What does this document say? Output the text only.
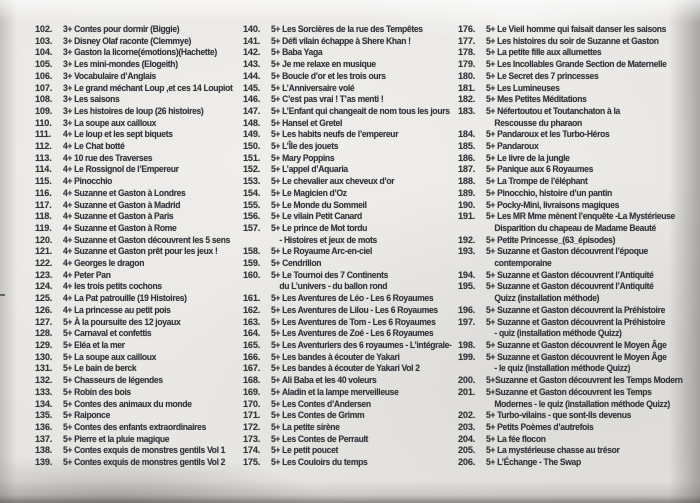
102.	3+ Contes pour dormir (Biggie)
103.	3+ Disney Olaf raconte (Clemmye)
104.	3+ Gaston la licorne(émotions)(Hachette)
105.	3+ Les mini-mondes (Elogeith)
106.	3+ Vocabulaire d’Anglais
107.	3+ Le grand méchant Loup ,et ces 14 Loupiot
108.	3+ Les saisons
109.	3+ Les histoires de loup (26 histoires)
110.	3+ La soupe aux cailloux
111.	4+ Le loup et les sept biquets
112.	4+ Le Chat botté
113.	4+ 10 rue des Traverses
114.	4+ Le Rossignol de l’Empereur
115.	4+ Pinocchio
116.	4+ Suzanne et Gaston à Londres
117.	4+ Suzanne et Gaston à Madrid
118.	4+ Suzanne et Gaston à Paris
119.	4+ Suzanne et Gaston à Rome
120.	4+ Suzanne et Gaston découvrent les 5 sens
121.	4+ Suzanne et Gaston prêt pour les jeux !
122.	4+ Georges le dragon
123.	4+ Peter Pan
124.	4+ les trois petits cochons
125.	4+ La Pat patrouille (19 Histoires)
126.	4+ La princesse au petit pois
127.	5+ À la poursuite des 12 joyaux
128.	5+ Carnaval et confettis
129.	5+ Eléa et la mer
130.	5+ La soupe aux cailloux
131.	5+ Le bain de berck
132.	5+ Chasseurs de légendes
133.	5+ Robin des bois
134.	5+ Contes des animaux du monde
135.	5+ Raiponce
136.	5+ Contes des enfants extraordinaires
137.	5+ Pierre et la pluie magique
138.	5+ Contes exquis de monstres gentils Vol 1
139.	5+ Contes exquis de monstres gentils Vol 2
140.	5+ Les Sorcières de la rue des Tempêtes
141.	5+ Défi vilain échappe à Shere Khan !
142.	5+ Baba Yaga
143.	5+ Je me relaxe en musique
144.	5+ Boucle d’or et les trois ours
145.	5+ L’Anniversaire volé
146.	5+ C’est pas vrai ! T’as menti !
147.	5+ L’Enfant qui changeait de nom tous les jours
148.	5+ Hansel et Gretel
149.	5+ Les habits neufs de l’empereur
150.	5+ L’Île des jouets
151.	5+ Mary Poppins
152.	5+ L’appel d’Aquaria
153.	5+ Le chevalier aux cheveux d’or
154.	5+ Le Magicien d’Oz
155.	5+ Le Monde du Sommeil
156.	5+ Le vilain Petit Canard
157.	5+ Le prince de Mot tordu
- Histoires et jeux de mots
158.	5+ Le Royaume Arc-en-ciel
159.	5+ Cendrillon
160.	5+ Le Tournoi des 7 Continents
du L’univers - du ballon rond
161.	5+ Les Aventures de Léo - Les 6 Royaumes
162.	5+ Les Aventures de Lilou - Les 6 Royaumes
163.	5+ Les Aventures de Tom - Les 6 Royaumes
164.	5+ Les Aventures de Zoé - Les 6 Royaumes
165.	5+ Les Aventuriers des 6 royaumes - L’intégrale-
166.	5+ Les bandes à écouter de Yakari
167.	5+ Les bandes à écouter de Yakari Vol 2
168.	5+ Ali Baba et les 40 voleurs
169.	5+ Aladin et la lampe merveilleuse
170.	5+ Les Contes d’Andersen
171.	5+ Les Contes de Grimm
172.	5+ La petite sirène
173.	5+ Les Contes de Perrault
174.	5+ Le petit poucet
175.	5+ Les Couloirs du temps
176.	5+ Le Vieil homme qui faisait danser les saisons
177.	5+ Les histoires du soir de Suzanne et Gaston
178.	5+ La petite fille aux allumettes
179.	5+ Les Incollables Grande Section de Maternelle
180.	5+ Le Secret des 7 princesses
181.	5+ Les Lumineuses
182.	5+ Mes Petites Méditations
183.	5+ Néfertoutou et Toutanchaton à la
Rescousse du pharaon
184.	5+ Pandaroux et les Turbo-Héros
185.	5+ Pandaroux
186.	5+ Le livre de la jungle
187.	5+ Panique aux 6 Royaumes
188.	5+ La Trompe de l’éléphant
189.	5+ Pinocchio, histoire d’un pantin
190.	5+ Pocky-Mini, livraisons magiques
191.	5+ Les MR Mme mènent l’enquête -La Mystérieuse
Disparition du chapeau de Madame Beauté
192.	5+ Petite Princesse_(63_épisodes)
193.	5+ Suzanne et Gaston découvrent l’époque
contemporaine
194.	5+ Suzanne et Gaston découvrent l’Antiquité
195.	5+ Suzanne et Gaston découvrent l’Antiquité
Quizz (installation méthode)
196.	5+ Suzanne et Gaston découvrent la Préhistoire
197.	5+ Suzanne et Gaston découvrent la Préhistoire
- quiz (installation méthode Quizz)
198.	5+ Suzanne et Gaston découvrent le Moyen Âge
199.	5+ Suzanne et Gaston découvrent le Moyen Âge
- le quiz (installation méthode Quizz)
200.	5+Suzanne et Gaston découvrent les Temps Modern
201.	5+Suzanne et Gaston découvrent les Temps
Modernes - le quiz (installation méthode Quizz)
202.	5+ Turbo-vilains - que sont-ils devenus
203.	5+ Petits Poèmes d’autrefois
204.	5+ La fée flocon
205.	5+ La mystérieuse chasse au trésor
206.	5+ L’Échange - The Swap
